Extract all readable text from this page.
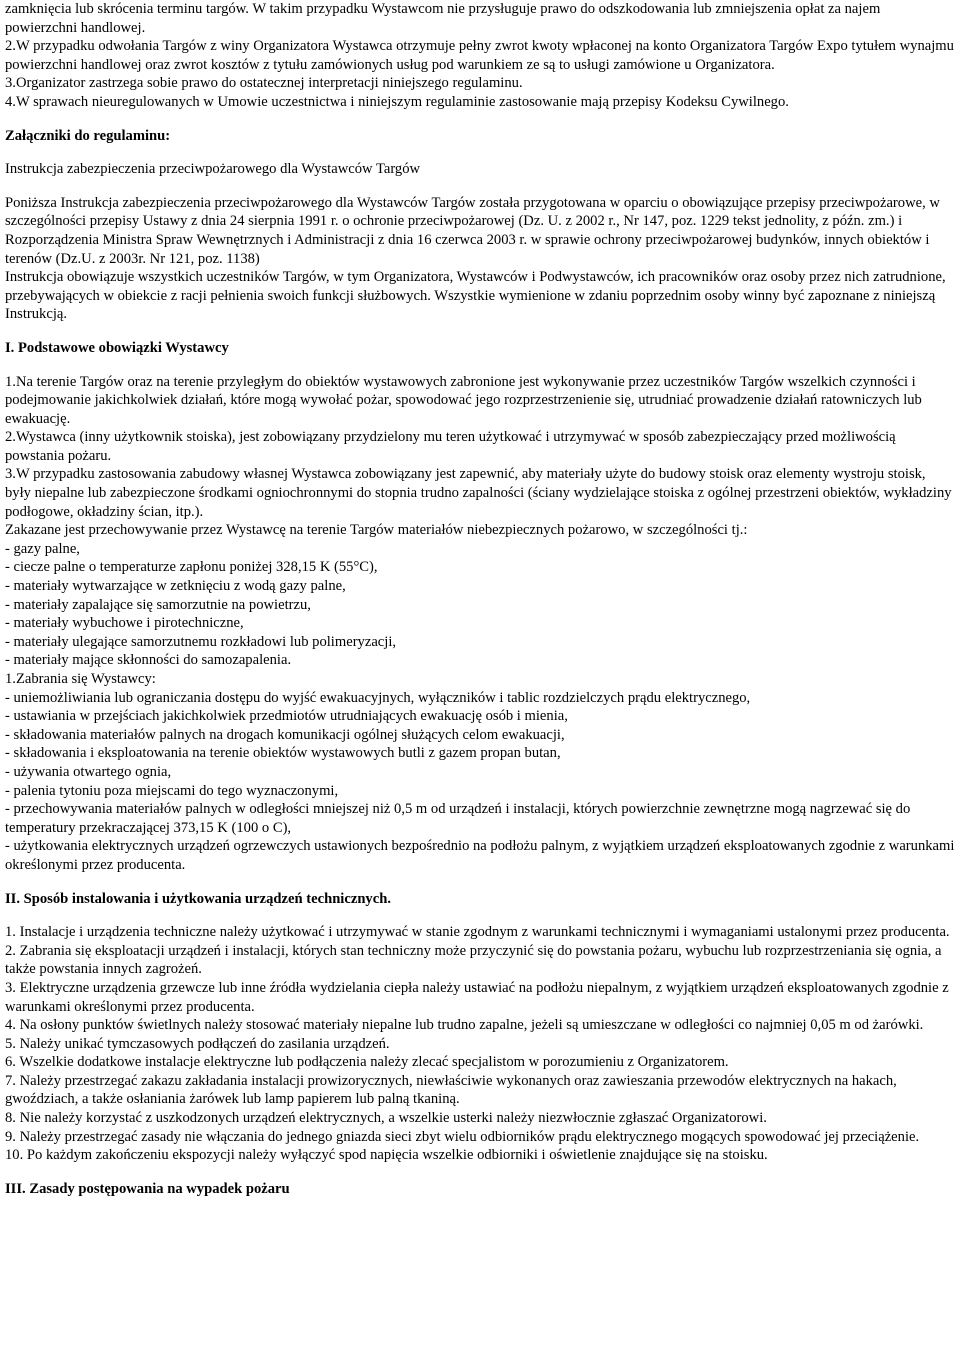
zamknięcia lub skrócenia terminu targów. W takim przypadku Wystawcom nie przysługuje prawo do odszkodowania lub zmniejszenia opłat za najem powierzchni handlowej.

2.W przypadku odwołania Targów z winy Organizatora Wystawca otrzymuje pełny zwrot kwoty wpłaconej na konto Organizatora Targów Expo tytułem wynajmu powierzchni handlowej oraz zwrot kosztów z tytułu zamówionych usług pod warunkiem ze są to usługi zamówione u Organizatora.

3.Organizator zastrzega sobie prawo do ostatecznej interpretacji niniejszego regulaminu.

4.W sprawach nieuregulowanych w Umowie uczestnictwa i niniejszym regulaminie zastosowanie mają przepisy Kodeksu Cywilnego.

Załączniki do regulaminu:

Instrukcja zabezpieczenia przeciwpożarowego dla Wystawców Targów

Poniższa Instrukcja zabezpieczenia przeciwpożarowego dla Wystawców Targów została przygotowana w oparciu o obowiązujące przepisy przeciwpożarowe, w szczególności przepisy Ustawy z dnia 24 sierpnia 1991 r. o ochronie przeciwpożarowej (Dz. U. z 2002 r., Nr 147, poz. 1229 tekst jednolity, z późn. zm.) i Rozporządzenia Ministra Spraw Wewnętrznych i Administracji z dnia 16 czerwca 2003 r. w sprawie ochrony przeciwpożarowej budynków, innych obiektów i terenów (Dz.U. z 2003r. Nr 121, poz. 1138)

Instrukcja obowiązuje wszystkich uczestników Targów, w tym Organizatora, Wystawców i Podwystawców, ich pracowników oraz osoby przez nich zatrudnione, przebywających w obiekcie z racji pełnienia swoich funkcji służbowych. Wszystkie wymienione w zdaniu poprzednim osoby winny być zapoznane z niniejszą Instrukcją.

I. Podstawowe obowiązki Wystawcy

1.Na terenie Targów oraz na terenie przyległym do obiektów wystawowych zabronione jest wykonywanie przez uczestników Targów wszelkich czynności i podejmowanie jakichkolwiek działań, które mogą wywołać pożar, spowodować jego rozprzestrzenienie się, utrudniać prowadzenie działań ratowniczych lub ewakuację.

2.Wystawca (inny użytkownik stoiska), jest zobowiązany przydzielony mu teren użytkować i utrzymywać w sposób zabezpieczający przed możliwością powstania pożaru.

3.W przypadku zastosowania zabudowy własnej Wystawca zobowiązany jest zapewnić, aby materiały użyte do budowy stoisk oraz elementy wystroju stoisk, były niepalne lub zabezpieczone środkami ogniochronnymi do stopnia trudno zapalności (ściany wydzielające stoiska z ogólnej przestrzeni obiektów, wykładziny podłogowe, okładziny ścian, itp.).

Zakazane jest przechowywanie przez Wystawcę na terenie Targów materiałów niebezpiecznych pożarowo, w szczególności tj.:

- gazy palne,

- ciecze palne o temperaturze zapłonu poniżej 328,15 K (55°C),

- materiały wytwarzające w zetknięciu z wodą gazy palne,

- materiały zapalające się samorzutnie na powietrzu,

- materiały wybuchowe i pirotechniczne,

- materiały ulegające samorzutnemu rozkładowi lub polimeryzacji,

- materiały mające skłonności do samozapalenia.

1.Zabrania się Wystawcy:

- uniemożliwiania lub ograniczania dostępu do wyjść ewakuacyjnych, wyłączników i tablic rozdzielczych prądu elektrycznego,

- ustawiania w przejściach jakichkolwiek przedmiotów utrudniających ewakuację osób i mienia,

- składowania materiałów palnych na drogach komunikacji ogólnej służących celom ewakuacji,

- składowania i eksploatowania na terenie obiektów wystawowych butli z gazem propan butan,

- używania otwartego ognia,

- palenia tytoniu poza miejscami do tego wyznaczonymi,

- przechowywania materiałów palnych w odległości mniejszej niż 0,5 m od urządzeń i instalacji, których powierzchnie zewnętrzne mogą nagrzewać się do temperatury przekraczającej 373,15 K (100 o C),

- użytkowania elektrycznych urządzeń ogrzewczych ustawionych bezpośrednio na podłożu palnym, z wyjątkiem urządzeń eksploatowanych zgodnie z warunkami określonymi przez producenta.

II. Sposób instalowania i użytkowania urządzeń technicznych.

1. Instalacje i urządzenia techniczne należy użytkować i utrzymywać w stanie zgodnym z warunkami technicznymi i wymaganiami ustalonymi przez producenta.

2. Zabrania się eksploatacji urządzeń i instalacji, których stan techniczny może przyczynić się do powstania pożaru, wybuchu lub rozprzestrzeniania się ognia, a także powstania innych zagrożeń.

3. Elektryczne urządzenia grzewcze lub inne źródła wydzielania ciepła należy ustawiać na podłożu niepalnym, z wyjątkiem urządzeń eksploatowanych zgodnie z warunkami określonymi przez producenta.

4. Na osłony punktów świetlnych należy stosować materiały niepalne lub trudno zapalne, jeżeli są umieszczane w odległości co najmniej 0,05 m od żarówki.

5. Należy unikać tymczasowych podłączeń do zasilania urządzeń.

6. Wszelkie dodatkowe instalacje elektryczne lub podłączenia należy zlecać specjalistom w porozumieniu z Organizatorem.

7. Należy przestrzegać zakazu zakładania instalacji prowizorycznych, niewłaściwie wykonanych oraz zawieszania przewodów elektrycznych na hakach, gwoździach, a także osłaniania żarówek lub lamp papierem lub palną tkaniną.

8. Nie należy korzystać z uszkodzonych urządzeń elektrycznych, a wszelkie usterki należy niezwłocznie zgłaszać Organizatorowi.

9. Należy przestrzegać zasady nie włączania do jednego gniazda sieci zbyt wielu odbiorników prądu elektrycznego mogących spowodować jej przeciążenie.

10. Po każdym zakończeniu ekspozycji należy wyłączyć spod napięcia wszelkie odbiorniki i oświetlenie znajdujące się na stoisku.

III. Zasady postępowania na wypadek pożaru
